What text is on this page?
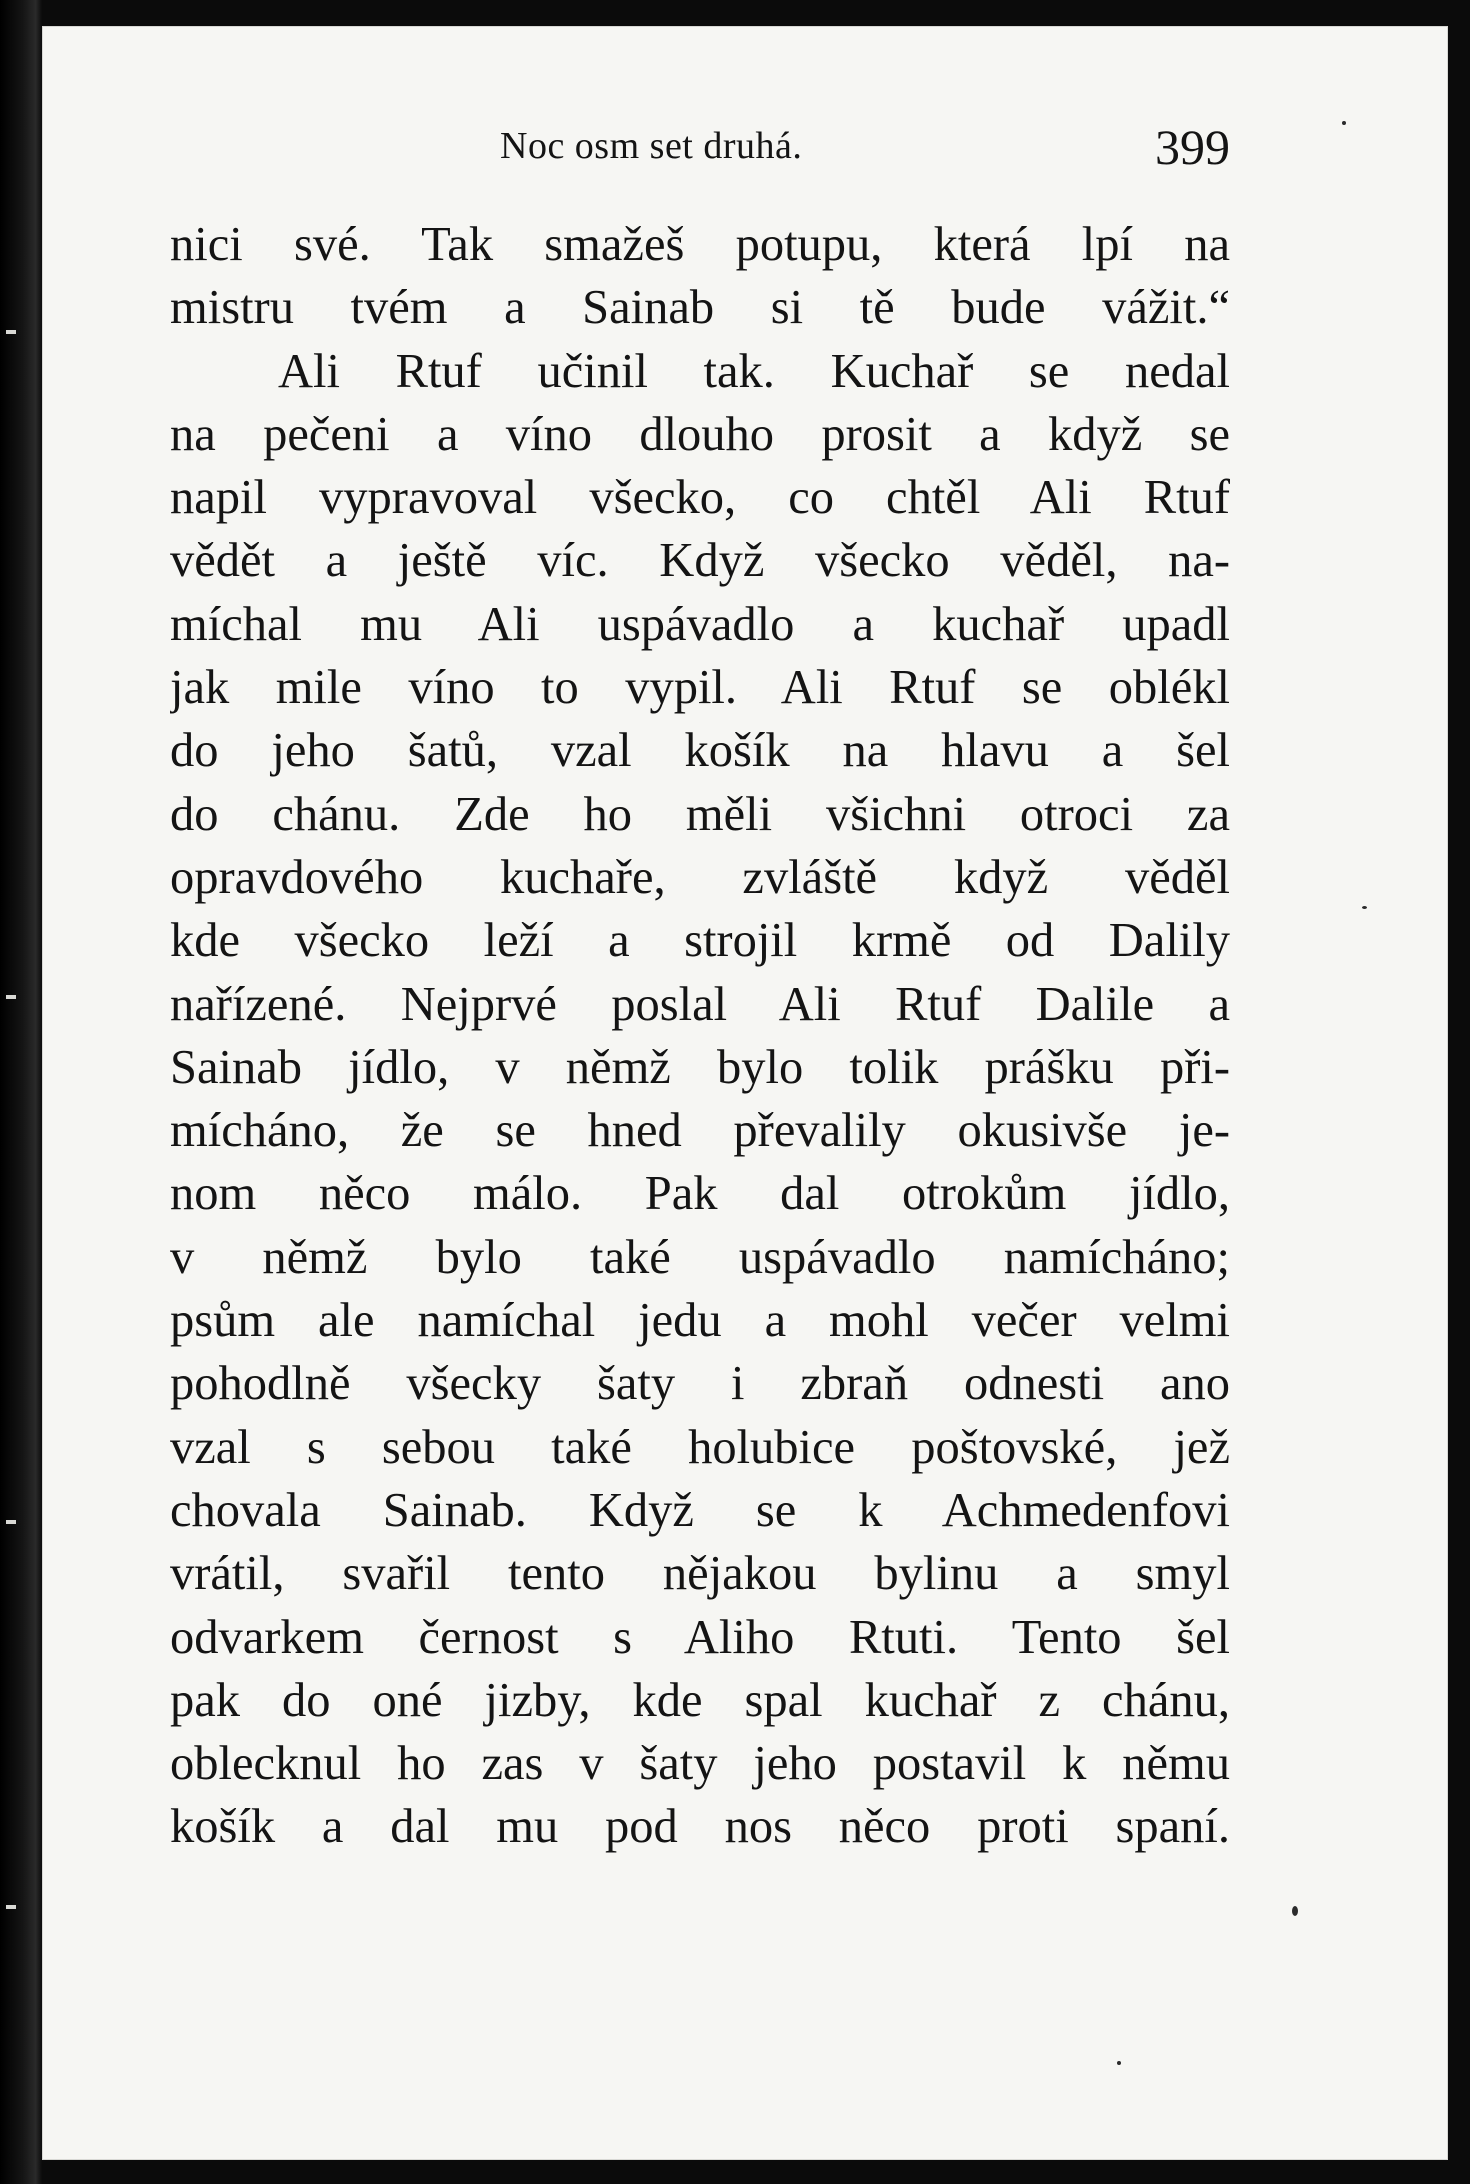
Noc osm set druhá.	399
nici své. Tak smažeš potupu, která lpí na
mistru tvém a Sainab si tě bude vážit.“
Ali Rtuf učinil tak. Kuchař se nedal
na pečeni a víno dlouho prosit a když se
napil vypravoval všecko, co chtěl Ali Rtuf
vědět a ještě víc. Když všecko věděl, na-
míchal mu Ali uspávadlo a kuchař upadl
jak mile víno to vypil. Ali Rtuf se oblékl
do jeho šatů, vzal košík na hlavu a šel
do chánu. Zde ho měli všichni otroci za
opravdového kuchaře, zvláště když věděl
kde všecko leží a strojil krmě od Dalily
nařízené. Nejprvé poslal Ali Rtuf Dalile a
Sainab jídlo, v němž bylo tolik prášku při-
mícháno, že se hned převalily okusivše je-
nom něco málo. Pak dal otrokům jídlo,
v němž bylo také uspávadlo namícháno;
psům ale namíchal jedu a mohl večer velmi
pohodlně všecky šaty i zbraň odnesti ano
vzal s sebou také holubice poštovské, jež
chovala Sainab. Když se k Achmedenfovi
vrátil, svařil tento nějakou bylinu a smyl
odvarkem černost s Aliho Rtuti. Tento šel
pak do oné jizby, kde spal kuchař z chánu,
oblecknul ho zas v šaty jeho postavil k němu
košík a dal mu pod nos něco proti spaní.
